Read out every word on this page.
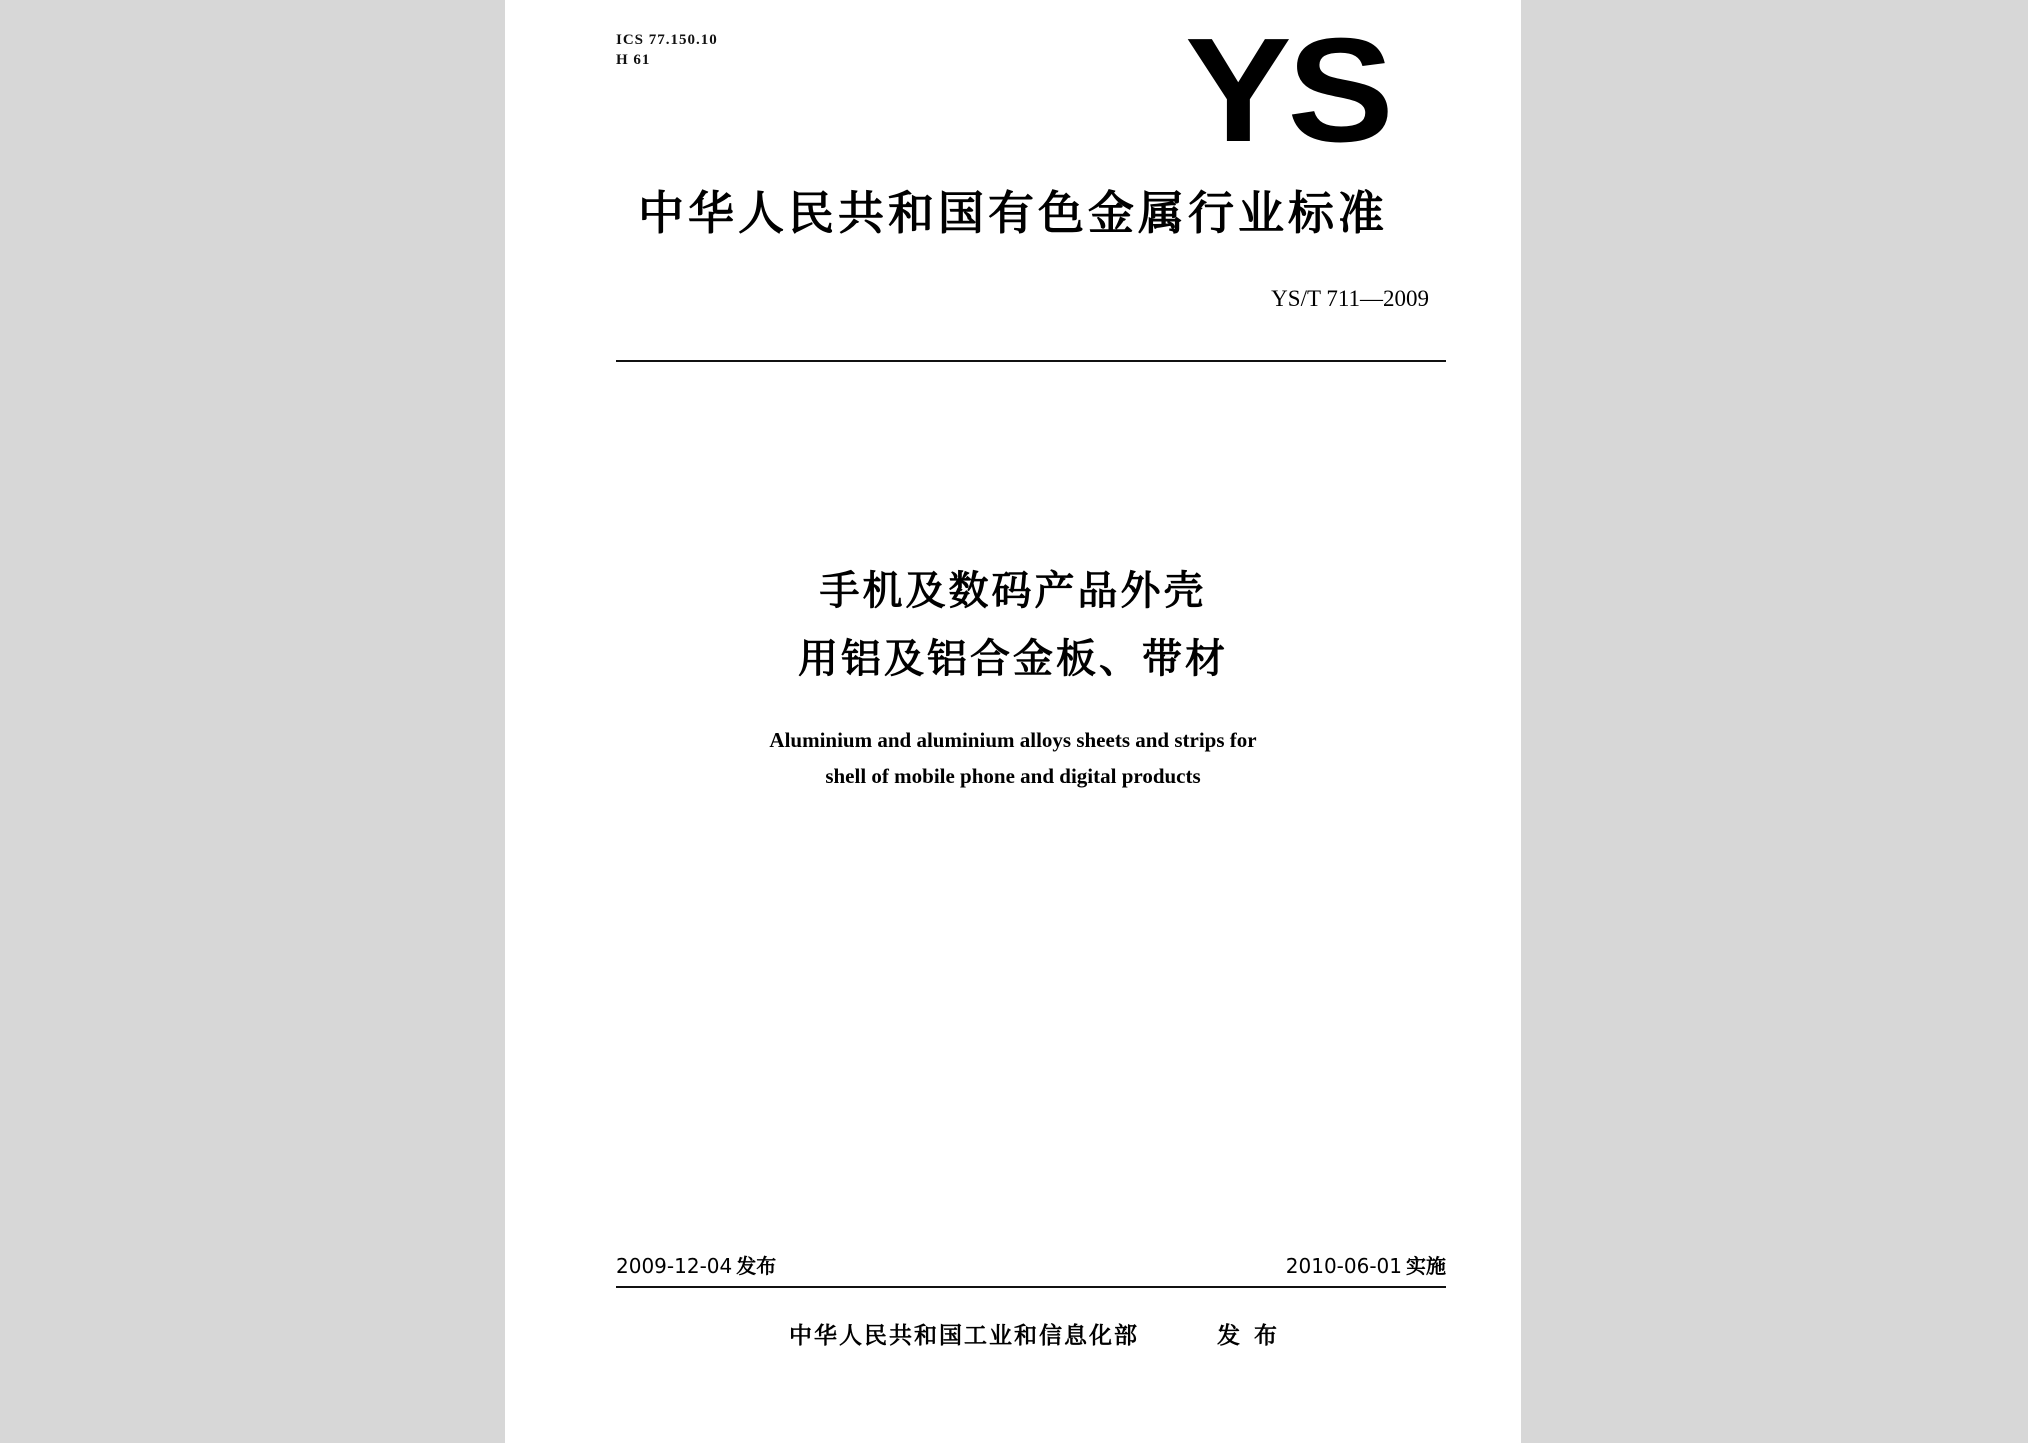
ICS 77.150.10
H 61	YS
中华人民共和国有色金属行业标准
YS/T 711—2009
手机及数码产品外壳
用铝及铝合金板、带材
Aluminium and aluminium alloys sheets and strips for
shell of mobile phone and digital products
2009-12-04 发布	2010-06-01 实施
中华人民共和国工业和信息化部	发布
